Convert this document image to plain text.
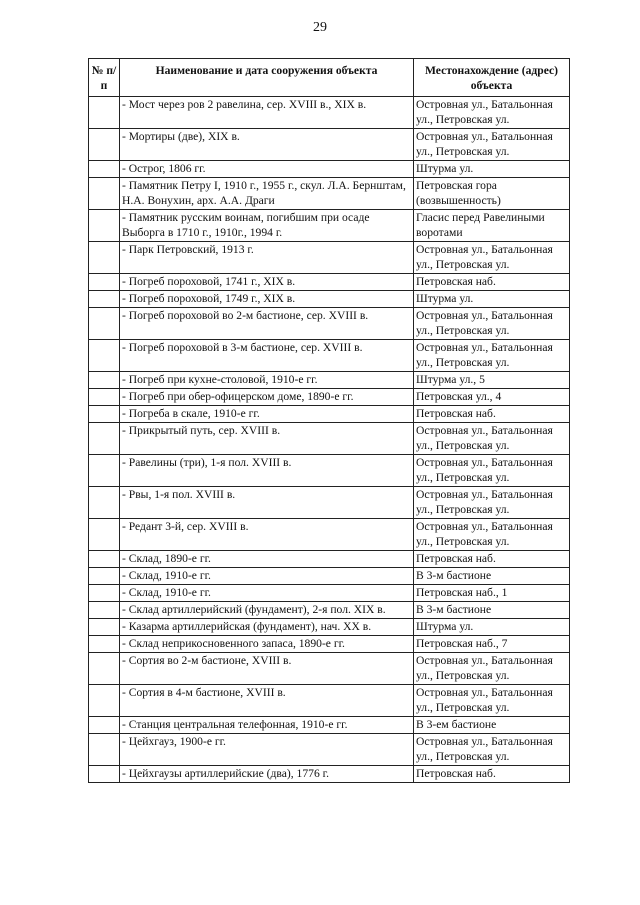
29
№ п/п	Наименование и дата сооружения объекта	Местонахождение (адрес) объекта
	- Мост через ров 2 равелина, сер. XVIII в., XIX в.	Островная ул., Батальонная ул., Петровская ул.
	- Мортиры (две), XIX в.	Островная ул., Батальонная ул., Петровская ул.
	- Острог, 1806 гг.	Штурма ул.
	- Памятник Петру I, 1910 г., 1955 г., скул. Л.А. Бернштам, Н.А. Вонухин, арх. А.А. Драги	Петровская гора (возвышенность)
	- Памятник русским воинам, погибшим при осаде Выборга в 1710 г., 1910г., 1994 г.	Гласис перед Равелиными воротами
	- Парк Петровский, 1913 г.	Островная ул., Батальонная ул., Петровская ул.
	- Погреб пороховой, 1741 г., XIX в.	Петровская наб.
	- Погреб пороховой, 1749 г., XIX в.	Штурма ул.
	- Погреб пороховой во 2-м бастионе, сер. XVIII в.	Островная ул., Батальонная ул., Петровская ул.
	- Погреб пороховой в 3-м бастионе, сер. XVIII в.	Островная ул., Батальонная ул., Петровская ул.
	- Погреб при кухне-столовой, 1910-е гг.	Штурма ул., 5
	- Погреб при обер-офицерском доме, 1890-е гг.	Петровская ул., 4
	- Погреба в скале, 1910-е гг.	Петровская наб.
	- Прикрытый путь, сер. XVIII в.	Островная ул., Батальонная ул., Петровская ул.
	- Равелины (три), 1-я пол. XVIII в.	Островная ул., Батальонная ул., Петровская ул.
	- Рвы, 1-я пол. XVIII в.	Островная ул., Батальонная ул., Петровская ул.
	- Редант 3-й, сер. XVIII в.	Островная ул., Батальонная ул., Петровская ул.
	- Склад, 1890-е гг.	Петровская наб.
	- Склад, 1910-е гг.	В 3-м бастионе
	- Склад, 1910-е гг.	Петровская наб., 1
	- Склад артиллерийский (фундамент), 2-я пол. XIX в.	В 3-м бастионе
	- Казарма артиллерийская (фундамент), нач. XX в.	Штурма ул.
	- Склад неприкосновенного запаса, 1890-е гг.	Петровская наб., 7
	- Сортия во 2-м бастионе, XVIII в.	Островная ул., Батальонная ул., Петровская ул.
	- Сортия в 4-м бастионе, XVIII в.	Островная ул., Батальонная ул., Петровская ул.
	- Станция центральная телефонная, 1910-е гг.	В 3-ем бастионе
	- Цейхгауз, 1900-е гг.	Островная ул., Батальонная ул., Петровская ул.
	- Цейхгаузы артиллерийские (два), 1776 г.	Петровская наб.
